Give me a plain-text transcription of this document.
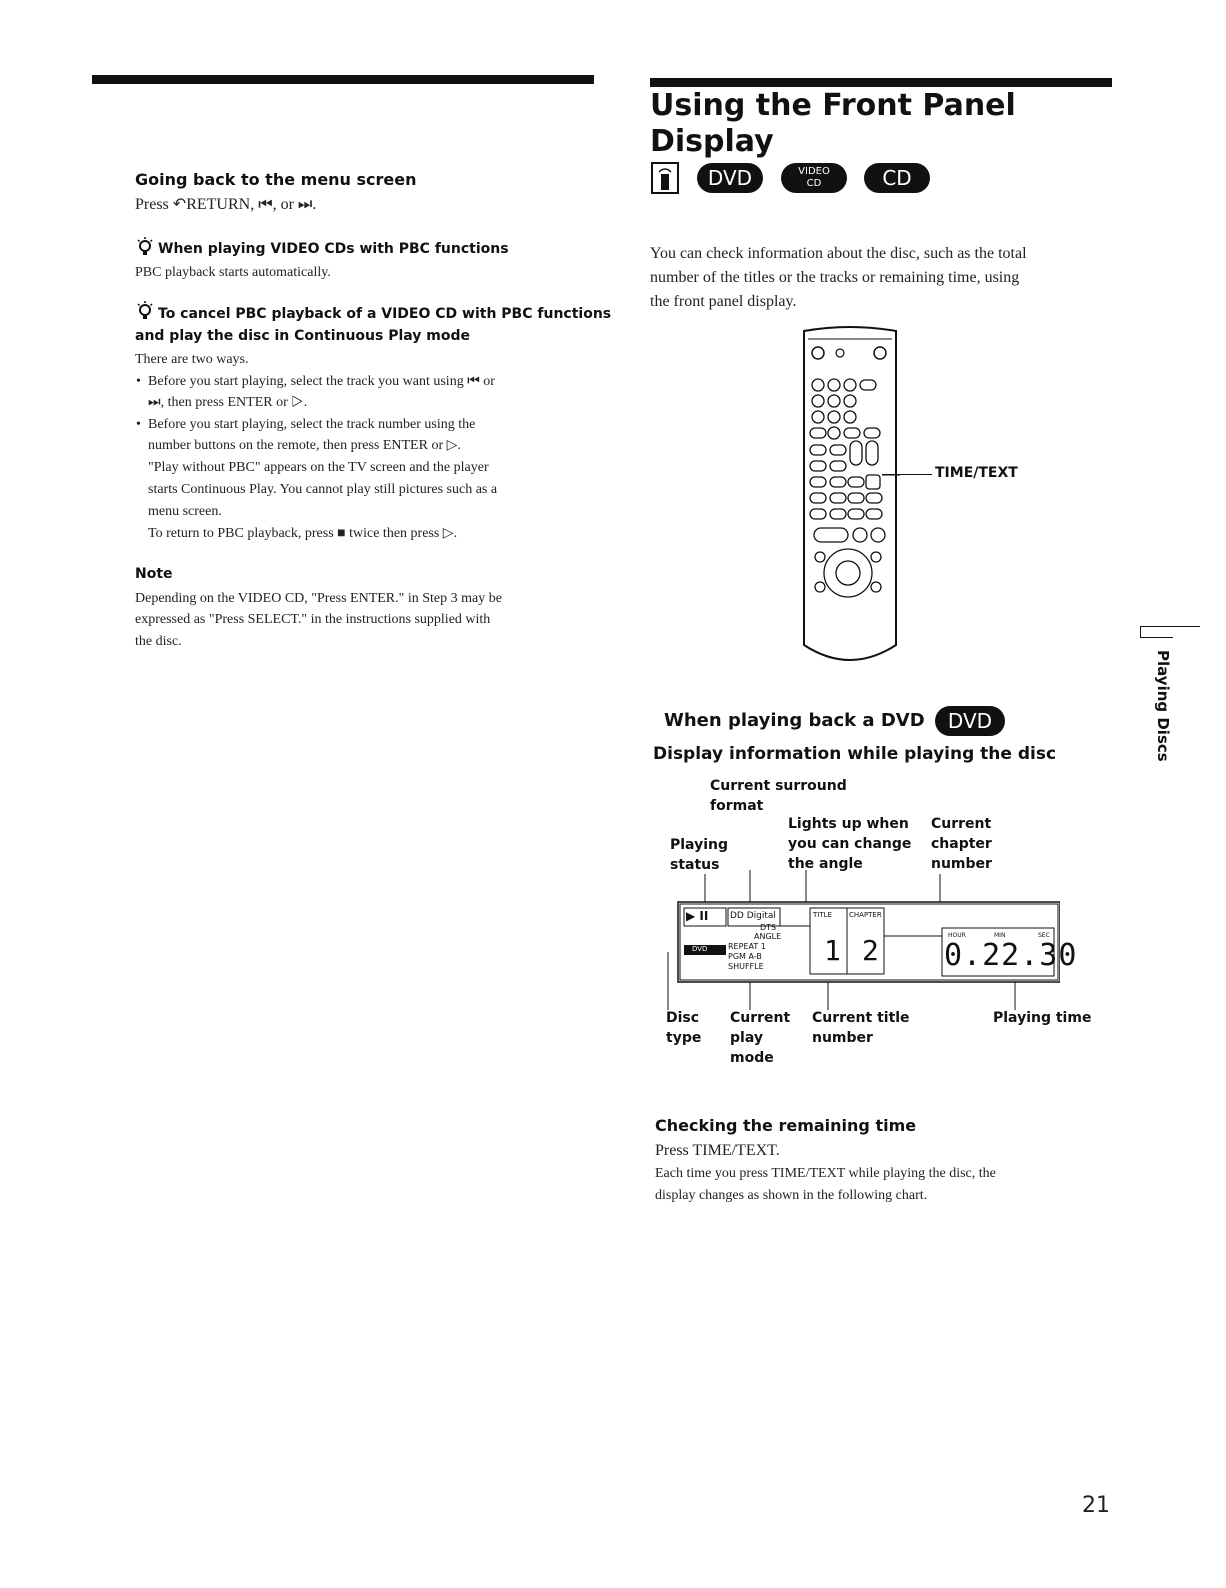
Going back to the menu screen
Press ↶RETURN, ⏮, or ⏭.
When playing VIDEO CDs with PBC functions
PBC playback starts automatically.
To cancel PBC playback of a VIDEO CD with PBC functions
and play the disc in Continuous Play mode
There are two ways.
• Before you start playing, select the track you want using ⏮ or
⏭, then press ENTER or ▷.
• Before you start playing, select the track number using the
number buttons on the remote, then press ENTER or ▷.
"Play without PBC" appears on the TV screen and the player
starts Continuous Play. You cannot play still pictures such as a
menu screen.
To return to PBC playback, press ■ twice then press ▷.
Note
Depending on the VIDEO CD, "Press ENTER." in Step 3 may be
expressed as "Press SELECT." in the instructions supplied with
the disc.
Using the Front Panel
Display
DVD	VIDEO
CD	CD
You can check information about the disc, such as the total
number of the titles or the tracks or remaining time, using
the front panel display.
TIME/TEXT
When playing back a DVD	DVD
Display information while playing the disc
Current surround
format
Lights up when
you can change
the angle
Current
chapter
number
Playing
status
▶ II DD Digital
DTS
ANGLE
DVD	REPEAT 1
PGM A-B
SHUFFLE
TITLE CHAPTER
1 2	HOUR	MIN	SEC
0.22.30
Disc
type
Current
play
mode
Current title
number
Playing time
Checking the remaining time
Press TIME/TEXT.
Each time you press TIME/TEXT while playing the disc, the
display changes as shown in the following chart.
Playing Discs
21
